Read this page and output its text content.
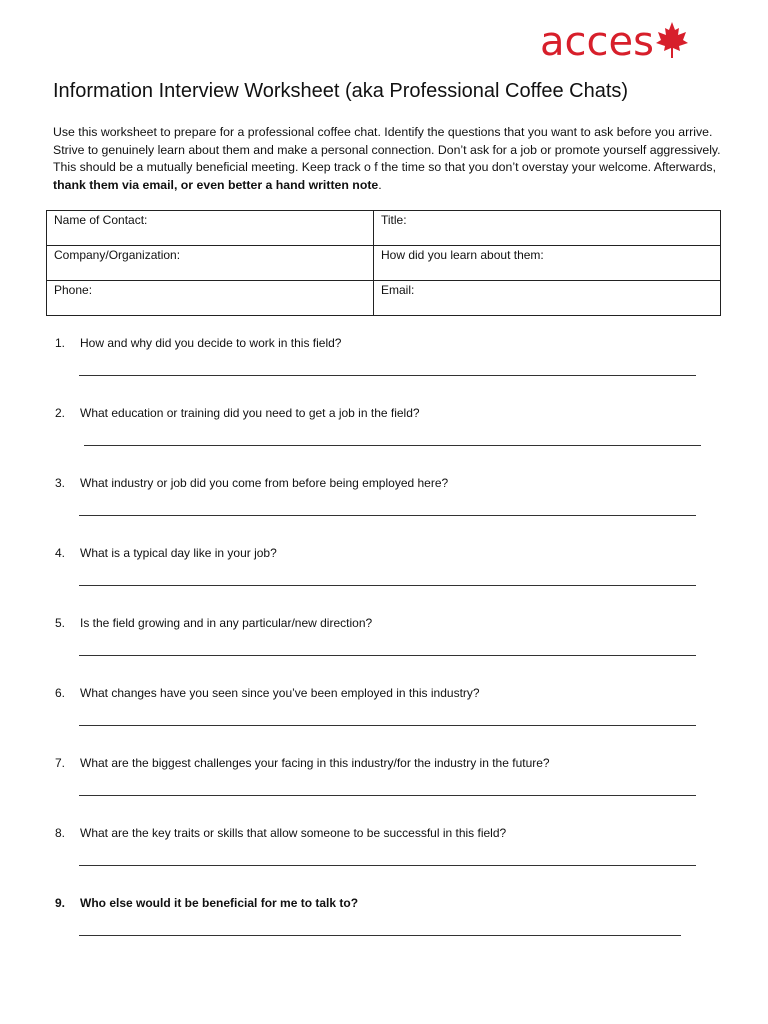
acces
Information Interview Worksheet (aka Professional Coffee Chats)

Use this worksheet to prepare for a professional coffee chat. Identify the questions that you want to ask before you arrive. Strive to genuinely learn about them and make a personal connection. Don’t ask for a job or promote yourself aggressively. This should be a mutually beneficial meeting. Keep track o f the time so that you don’t overstay your welcome. Afterwards, thank them via email, or even better a hand written note.

Name of Contact:	Title:
Company/Organization:	How did you learn about them:
Phone:	Email:
1.	How and why did you decide to work in this field?
2.	What education or training did you need to get a job in the field?
3.	What industry or job did you come from before being employed here?
4.	What is a typical day like in your job?
5.	Is the field growing and in any particular/new direction?
6.	What changes have you seen since you’ve been employed in this industry?
7.	What are the biggest challenges your facing in this industry/for the industry in the future?
8.	What are the key traits or skills that allow someone to be successful in this field?
9.	Who else would it be beneficial for me to talk to?
